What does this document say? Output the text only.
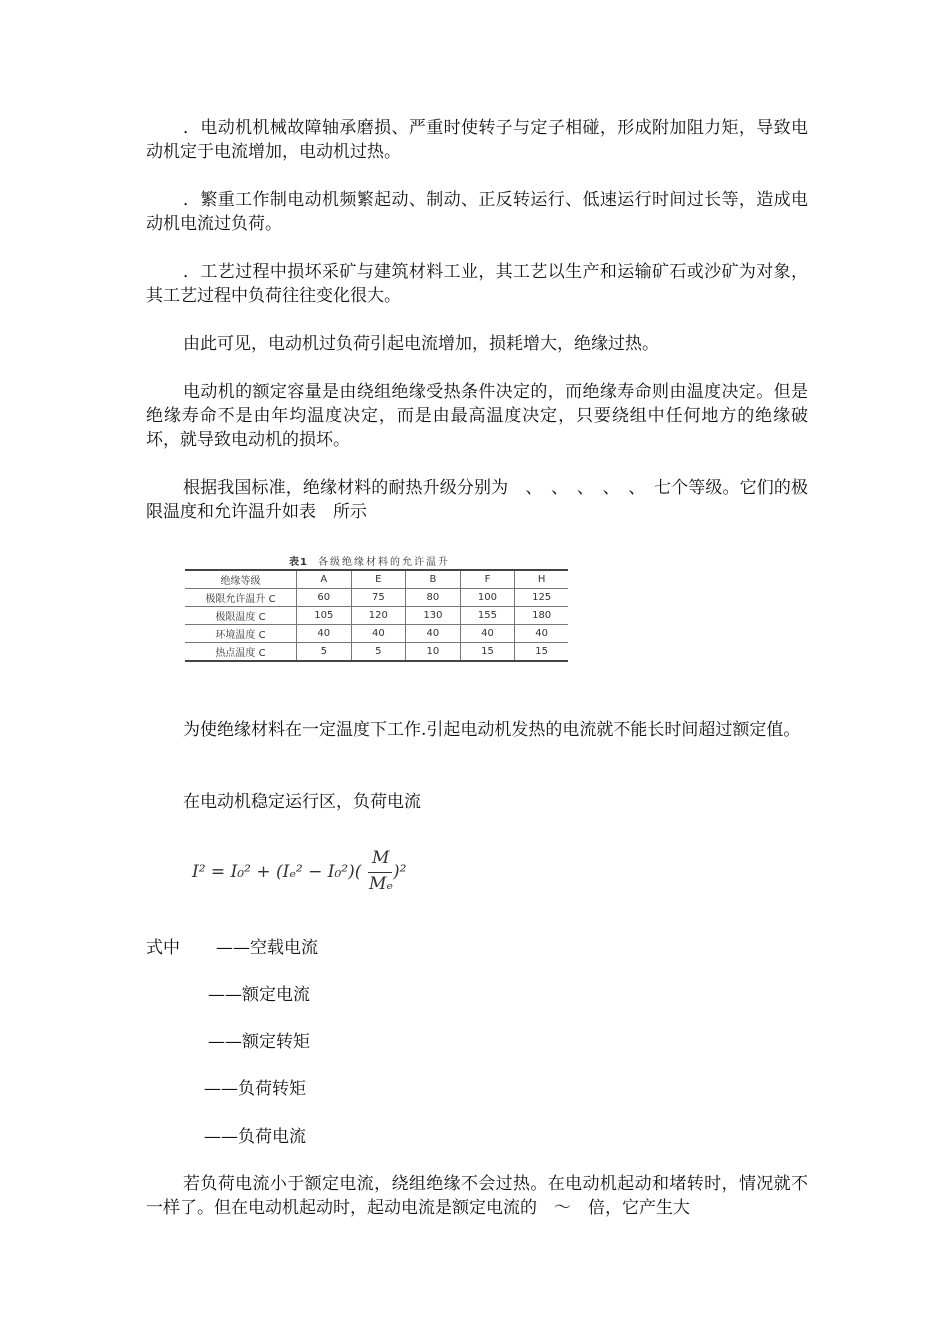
．电动机机械故障轴承磨损、严重时使转子与定子相碰，形成附加阻力矩，导致电动机定于电流增加，电动机过热。

．繁重工作制电动机频繁起动、制动、正反转运行、低速运行时间过长等，造成电动机电流过负荷。

．工艺过程中损坏采矿与建筑材料工业，其工艺以生产和运输矿石或沙矿为对象，其工艺过程中负荷往往变化很大。

由此可见，电动机过负荷引起电流增加，损耗增大，绝缘过热。

电动机的额定容量是由绕组绝缘受热条件决定的，而绝缘寿命则由温度决定。但是绝缘寿命不是由年均温度决定，而是由最高温度决定，只要绕组中任何地方的绝缘破坏，就导致电动机的损坏。

根据我国标准，绝缘材料的耐热升级分别为　、　、　、　、　、　七个等级。它们的极限温度和允许温升如表　所示

表1 各级绝缘材料的允许温升
绝缘等级	A	E	B	F	H
极限允许温升 C	60	75	80	100	125
极限温度 C	105	120	130	155	180
环境温度 C	40	40	40	40	40
热点温度 C	5	5	10	15	15

为使绝缘材料在一定温度下工作.引起电动机发热的电流就不能长时间超过额定值。

在电动机稳定运行区，负荷电流

I² = I₀² + (Iₑ² − I₀²)(
M
Mₑ
)²

式中 ——空载电流

——额定电流

——额定转矩

——负荷转矩

——负荷电流

若负荷电流小于额定电流，绕组绝缘不会过热。在电动机起动和堵转时，情况就不一样了。但在电动机起动时，起动电流是额定电流的　～　倍，它产生大
